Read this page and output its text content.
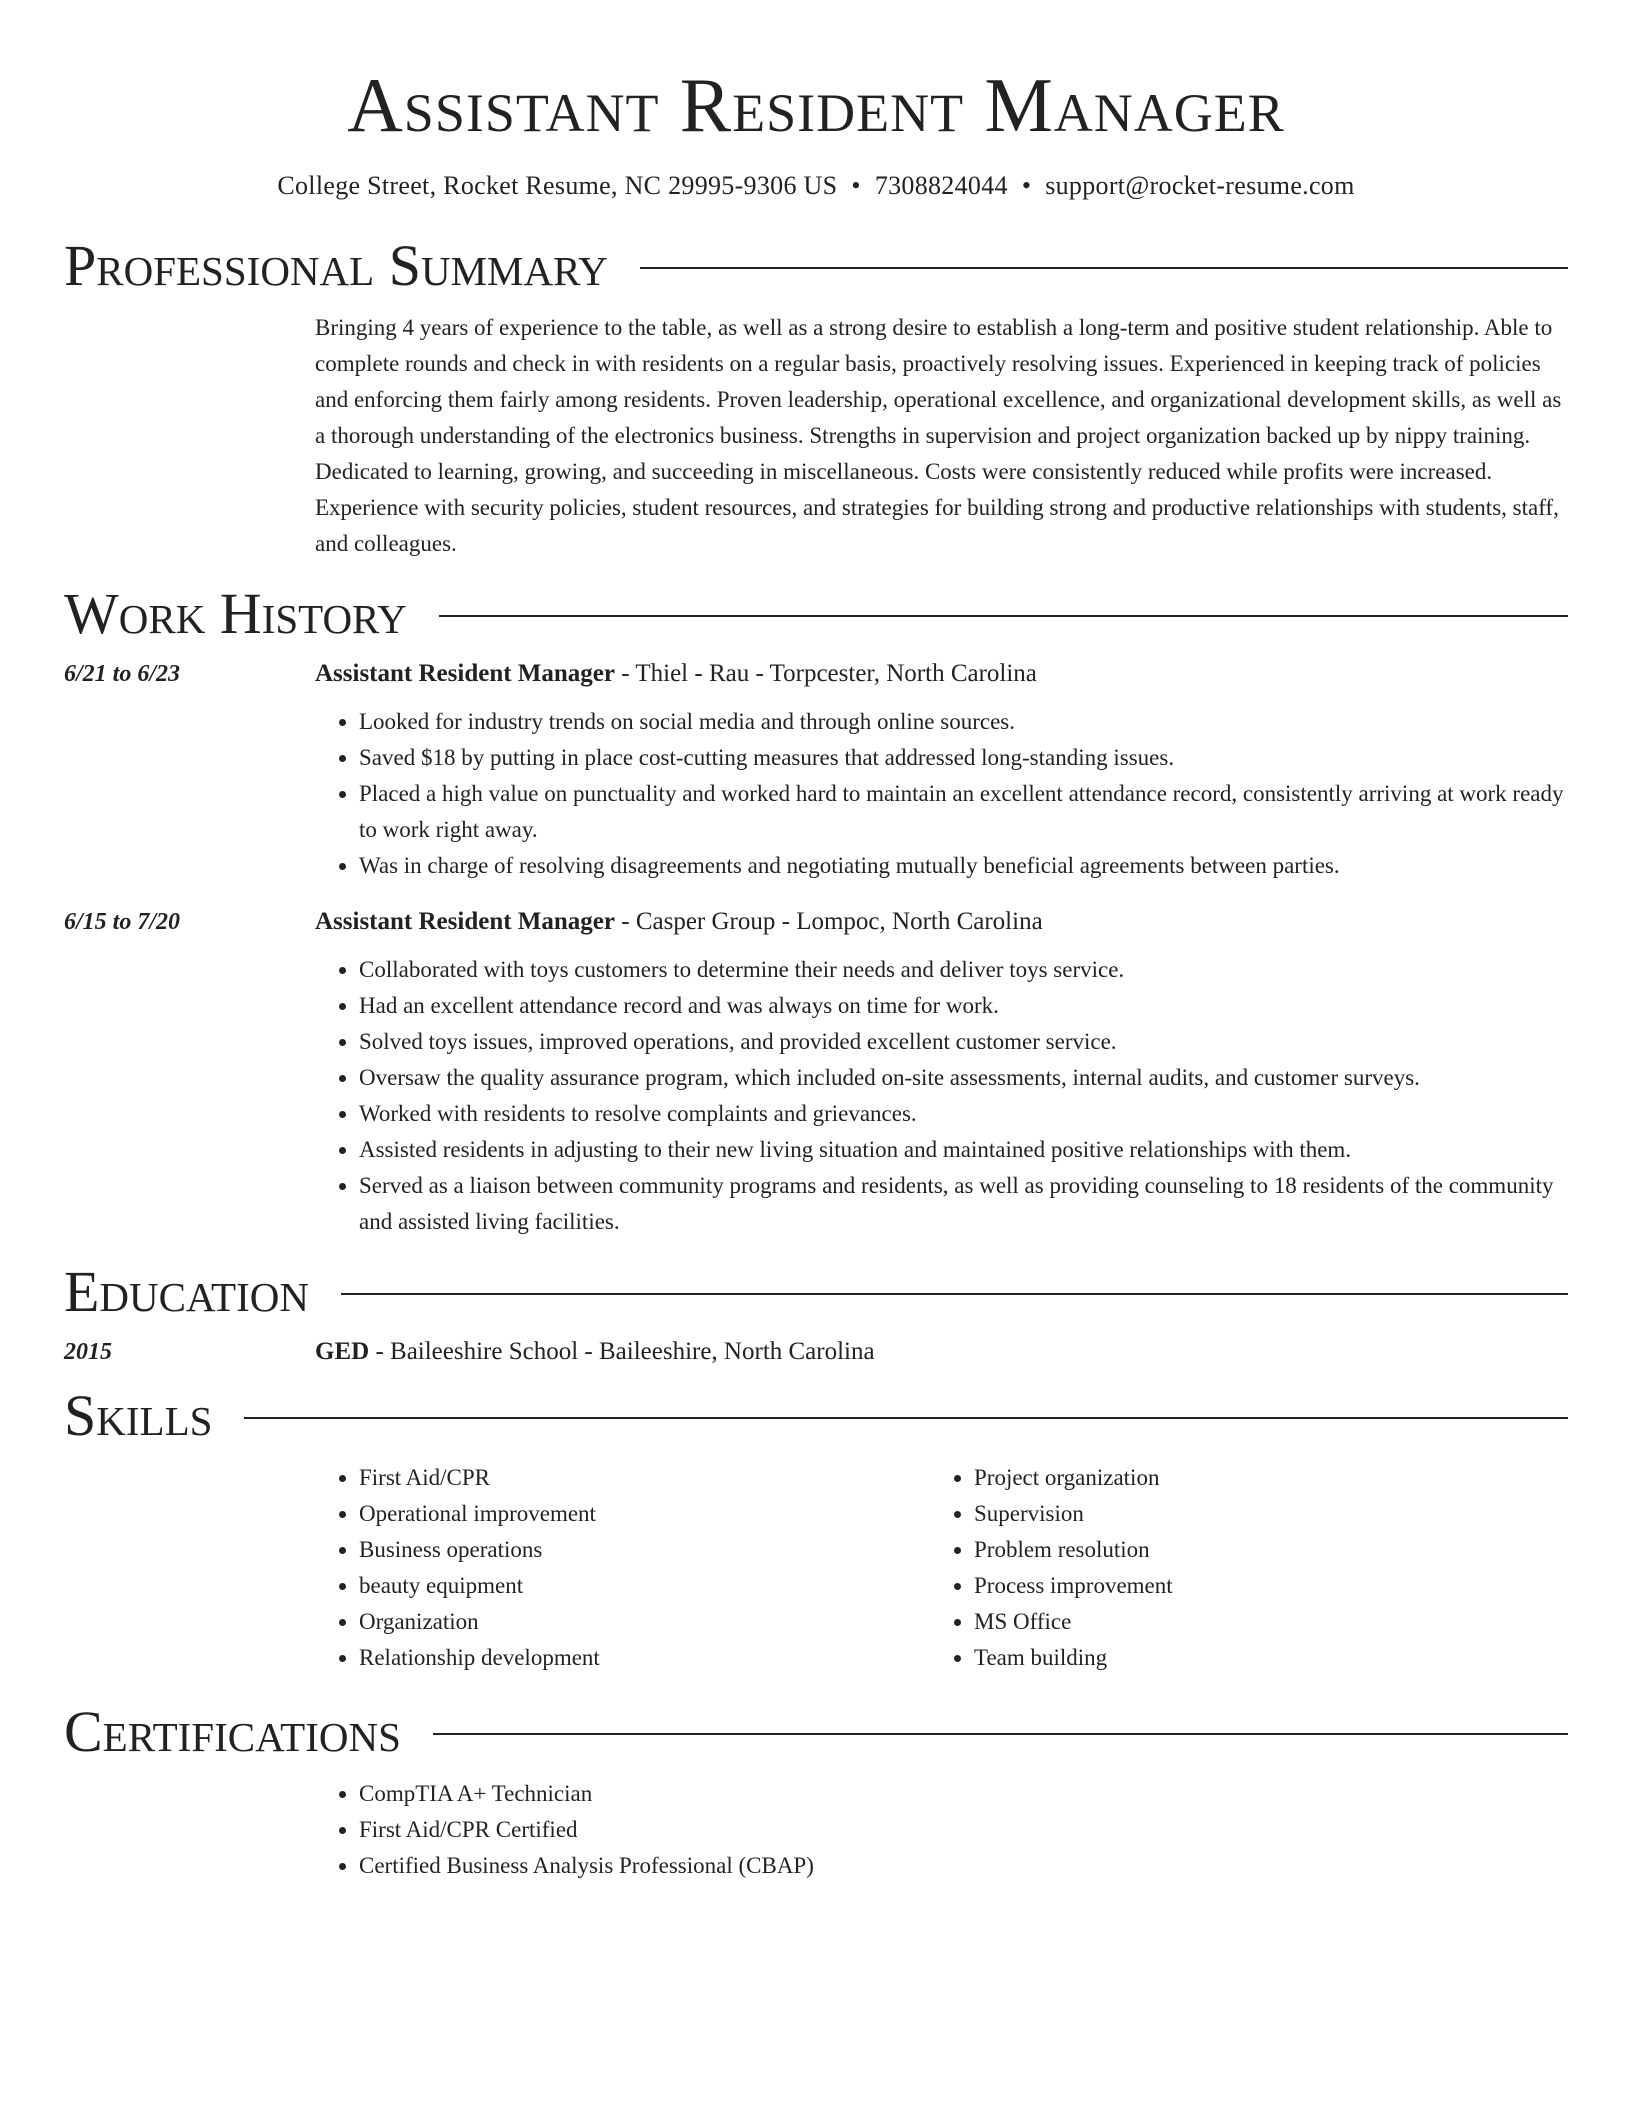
Assistant Resident Manager
College Street, Rocket Resume, NC 29995-9306 US • 7308824044 • support@rocket-resume.com
Professional Summary
Bringing 4 years of experience to the table, as well as a strong desire to establish a long-term and positive student relationship. Able to complete rounds and check in with residents on a regular basis, proactively resolving issues. Experienced in keeping track of policies and enforcing them fairly among residents. Proven leadership, operational excellence, and organizational development skills, as well as a thorough understanding of the electronics business. Strengths in supervision and project organization backed up by nippy training. Dedicated to learning, growing, and succeeding in miscellaneous. Costs were consistently reduced while profits were increased. Experience with security policies, student resources, and strategies for building strong and productive relationships with students, staff, and colleagues.
Work History
6/21 to 6/23	Assistant Resident Manager - Thiel - Rau - Torpcester, North Carolina
• Looked for industry trends on social media and through online sources.
• Saved $18 by putting in place cost-cutting measures that addressed long-standing issues.
• Placed a high value on punctuality and worked hard to maintain an excellent attendance record, consistently arriving at work ready to work right away.
• Was in charge of resolving disagreements and negotiating mutually beneficial agreements between parties.
6/15 to 7/20	Assistant Resident Manager - Casper Group - Lompoc, North Carolina
• Collaborated with toys customers to determine their needs and deliver toys service.
• Had an excellent attendance record and was always on time for work.
• Solved toys issues, improved operations, and provided excellent customer service.
• Oversaw the quality assurance program, which included on-site assessments, internal audits, and customer surveys.
• Worked with residents to resolve complaints and grievances.
• Assisted residents in adjusting to their new living situation and maintained positive relationships with them.
• Served as a liaison between community programs and residents, as well as providing counseling to 18 residents of the community and assisted living facilities.
Education
2015	GED - Baileeshire School - Baileeshire, North Carolina
Skills
• First Aid/CPR
• Operational improvement
• Business operations
• beauty equipment
• Organization
• Relationship development
• Project organization
• Supervision
• Problem resolution
• Process improvement
• MS Office
• Team building
Certifications
• CompTIA A+ Technician
• First Aid/CPR Certified
• Certified Business Analysis Professional (CBAP)
